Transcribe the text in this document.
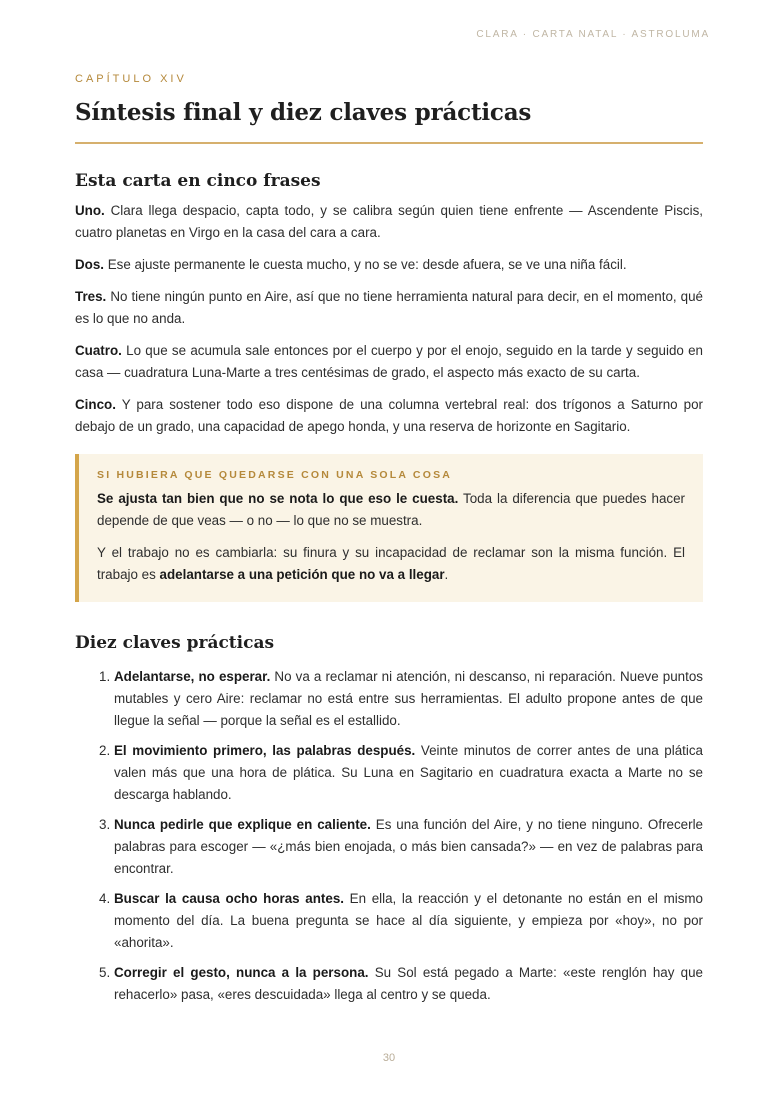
CLARA · CARTA NATAL · ASTROLUMA
CAPÍTULO XIV
Síntesis final y diez claves prácticas
Esta carta en cinco frases

Uno. Clara llega despacio, capta todo, y se calibra según quien tiene enfrente — Ascendente Piscis, cuatro planetas en Virgo en la casa del cara a cara.

Dos. Ese ajuste permanente le cuesta mucho, y no se ve: desde afuera, se ve una niña fácil.

Tres. No tiene ningún punto en Aire, así que no tiene herramienta natural para decir, en el momento, qué es lo que no anda.

Cuatro. Lo que se acumula sale entonces por el cuerpo y por el enojo, seguido en la tarde y seguido en casa — cuadratura Luna-Marte a tres centésimas de grado, el aspecto más exacto de su carta.

Cinco. Y para sostener todo eso dispone de una columna vertebral real: dos trígonos a Saturno por debajo de un grado, una capacidad de apego honda, y una reserva de horizonte en Sagitario.

SI HUBIERA QUE QUEDARSE CON UNA SOLA COSA

Se ajusta tan bien que no se nota lo que eso le cuesta. Toda la diferencia que puedes hacer depende de que veas — o no — lo que no se muestra.

Y el trabajo no es cambiarla: su finura y su incapacidad de reclamar son la misma función. El trabajo es adelantarse a una petición que no va a llegar.

Diez claves prácticas
1. Adelantarse, no esperar. No va a reclamar ni atención, ni descanso, ni reparación. Nueve puntos mutables y cero Aire: reclamar no está entre sus herramientas. El adulto propone antes de que llegue la señal — porque la señal es el estallido.

2. El movimiento primero, las palabras después. Veinte minutos de correr antes de una plática valen más que una hora de plática. Su Luna en Sagitario en cuadratura exacta a Marte no se descarga hablando.

3. Nunca pedirle que explique en caliente. Es una función del Aire, y no tiene ninguno. Ofrecerle palabras para escoger — «¿más bien enojada, o más bien cansada?» — en vez de palabras para encontrar.

4. Buscar la causa ocho horas antes. En ella, la reacción y el detonante no están en el mismo momento del día. La buena pregunta se hace al día siguiente, y empieza por «hoy», no por «ahorita».

5. Corregir el gesto, nunca a la persona. Su Sol está pegado a Marte: «este renglón hay que rehacerlo» pasa, «eres descuidada» llega al centro y se queda.

30
